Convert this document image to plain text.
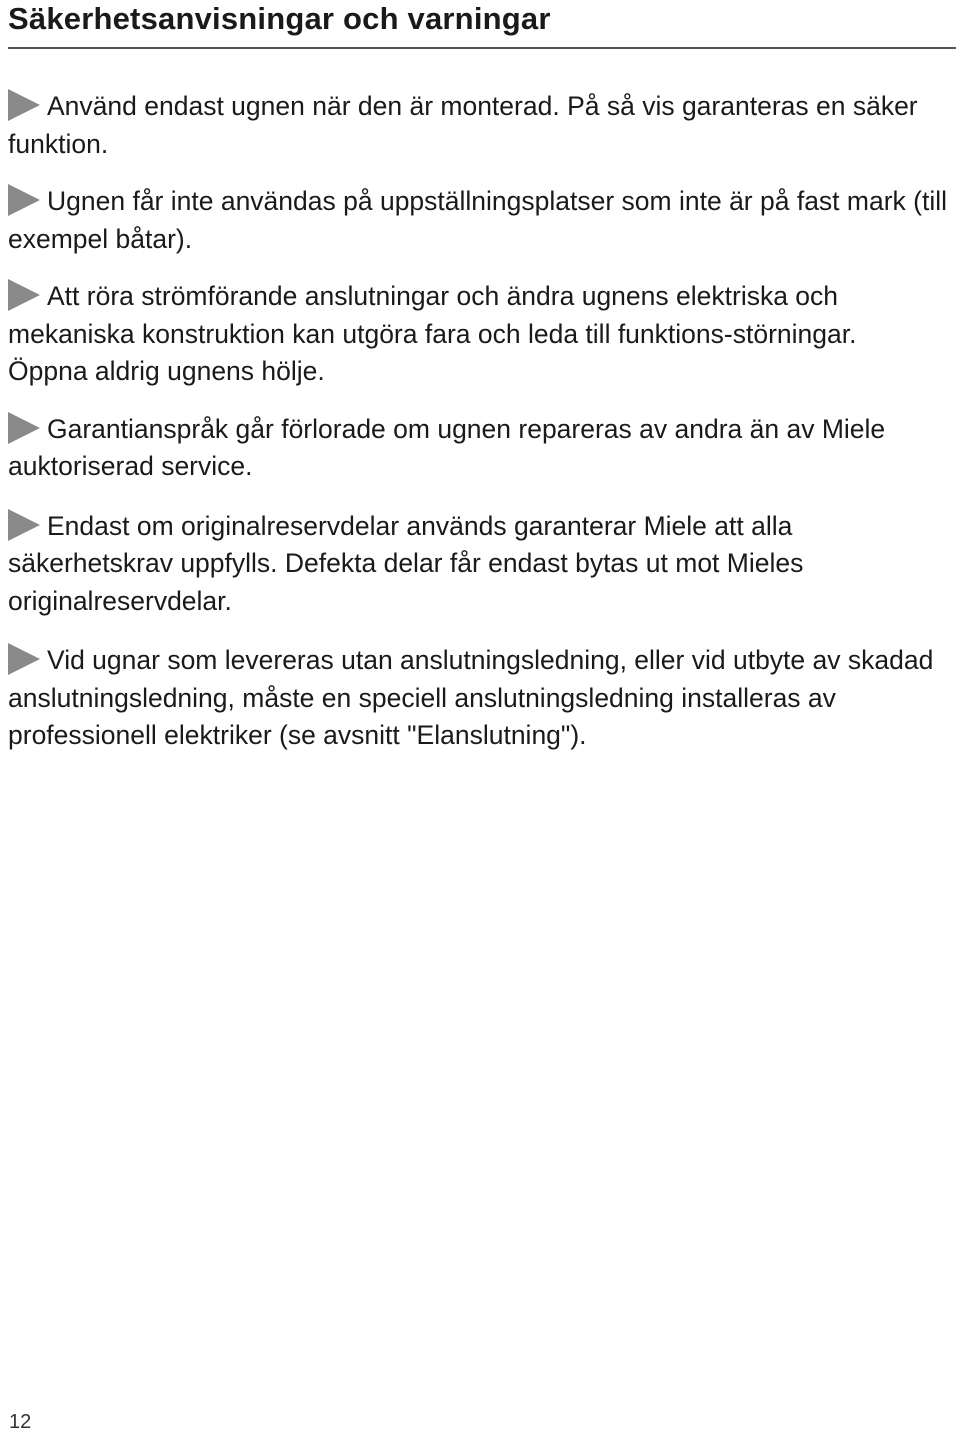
Säkerhetsanvisningar och varningar

Använd endast ugnen när den är monterad. På så vis garanteras en säker funktion.

Ugnen får inte användas på uppställningsplatser som inte är på fast mark (till exempel båtar).

Att röra strömförande anslutningar och ändra ugnens elektriska och mekaniska konstruktion kan utgöra fara och leda till funktions-störningar.
Öppna aldrig ugnens hölje.

Garantianspråk går förlorade om ugnen repareras av andra än av Miele auktoriserad service.

Endast om originalreservdelar används garanterar Miele att alla säkerhetskrav uppfylls. Defekta delar får endast bytas ut mot Mieles originalreservdelar.

Vid ugnar som levereras utan anslutningsledning, eller vid utbyte av skadad anslutningsledning, måste en speciell anslutningsledning installeras av professionell elektriker (se avsnitt "Elanslutning").

12
